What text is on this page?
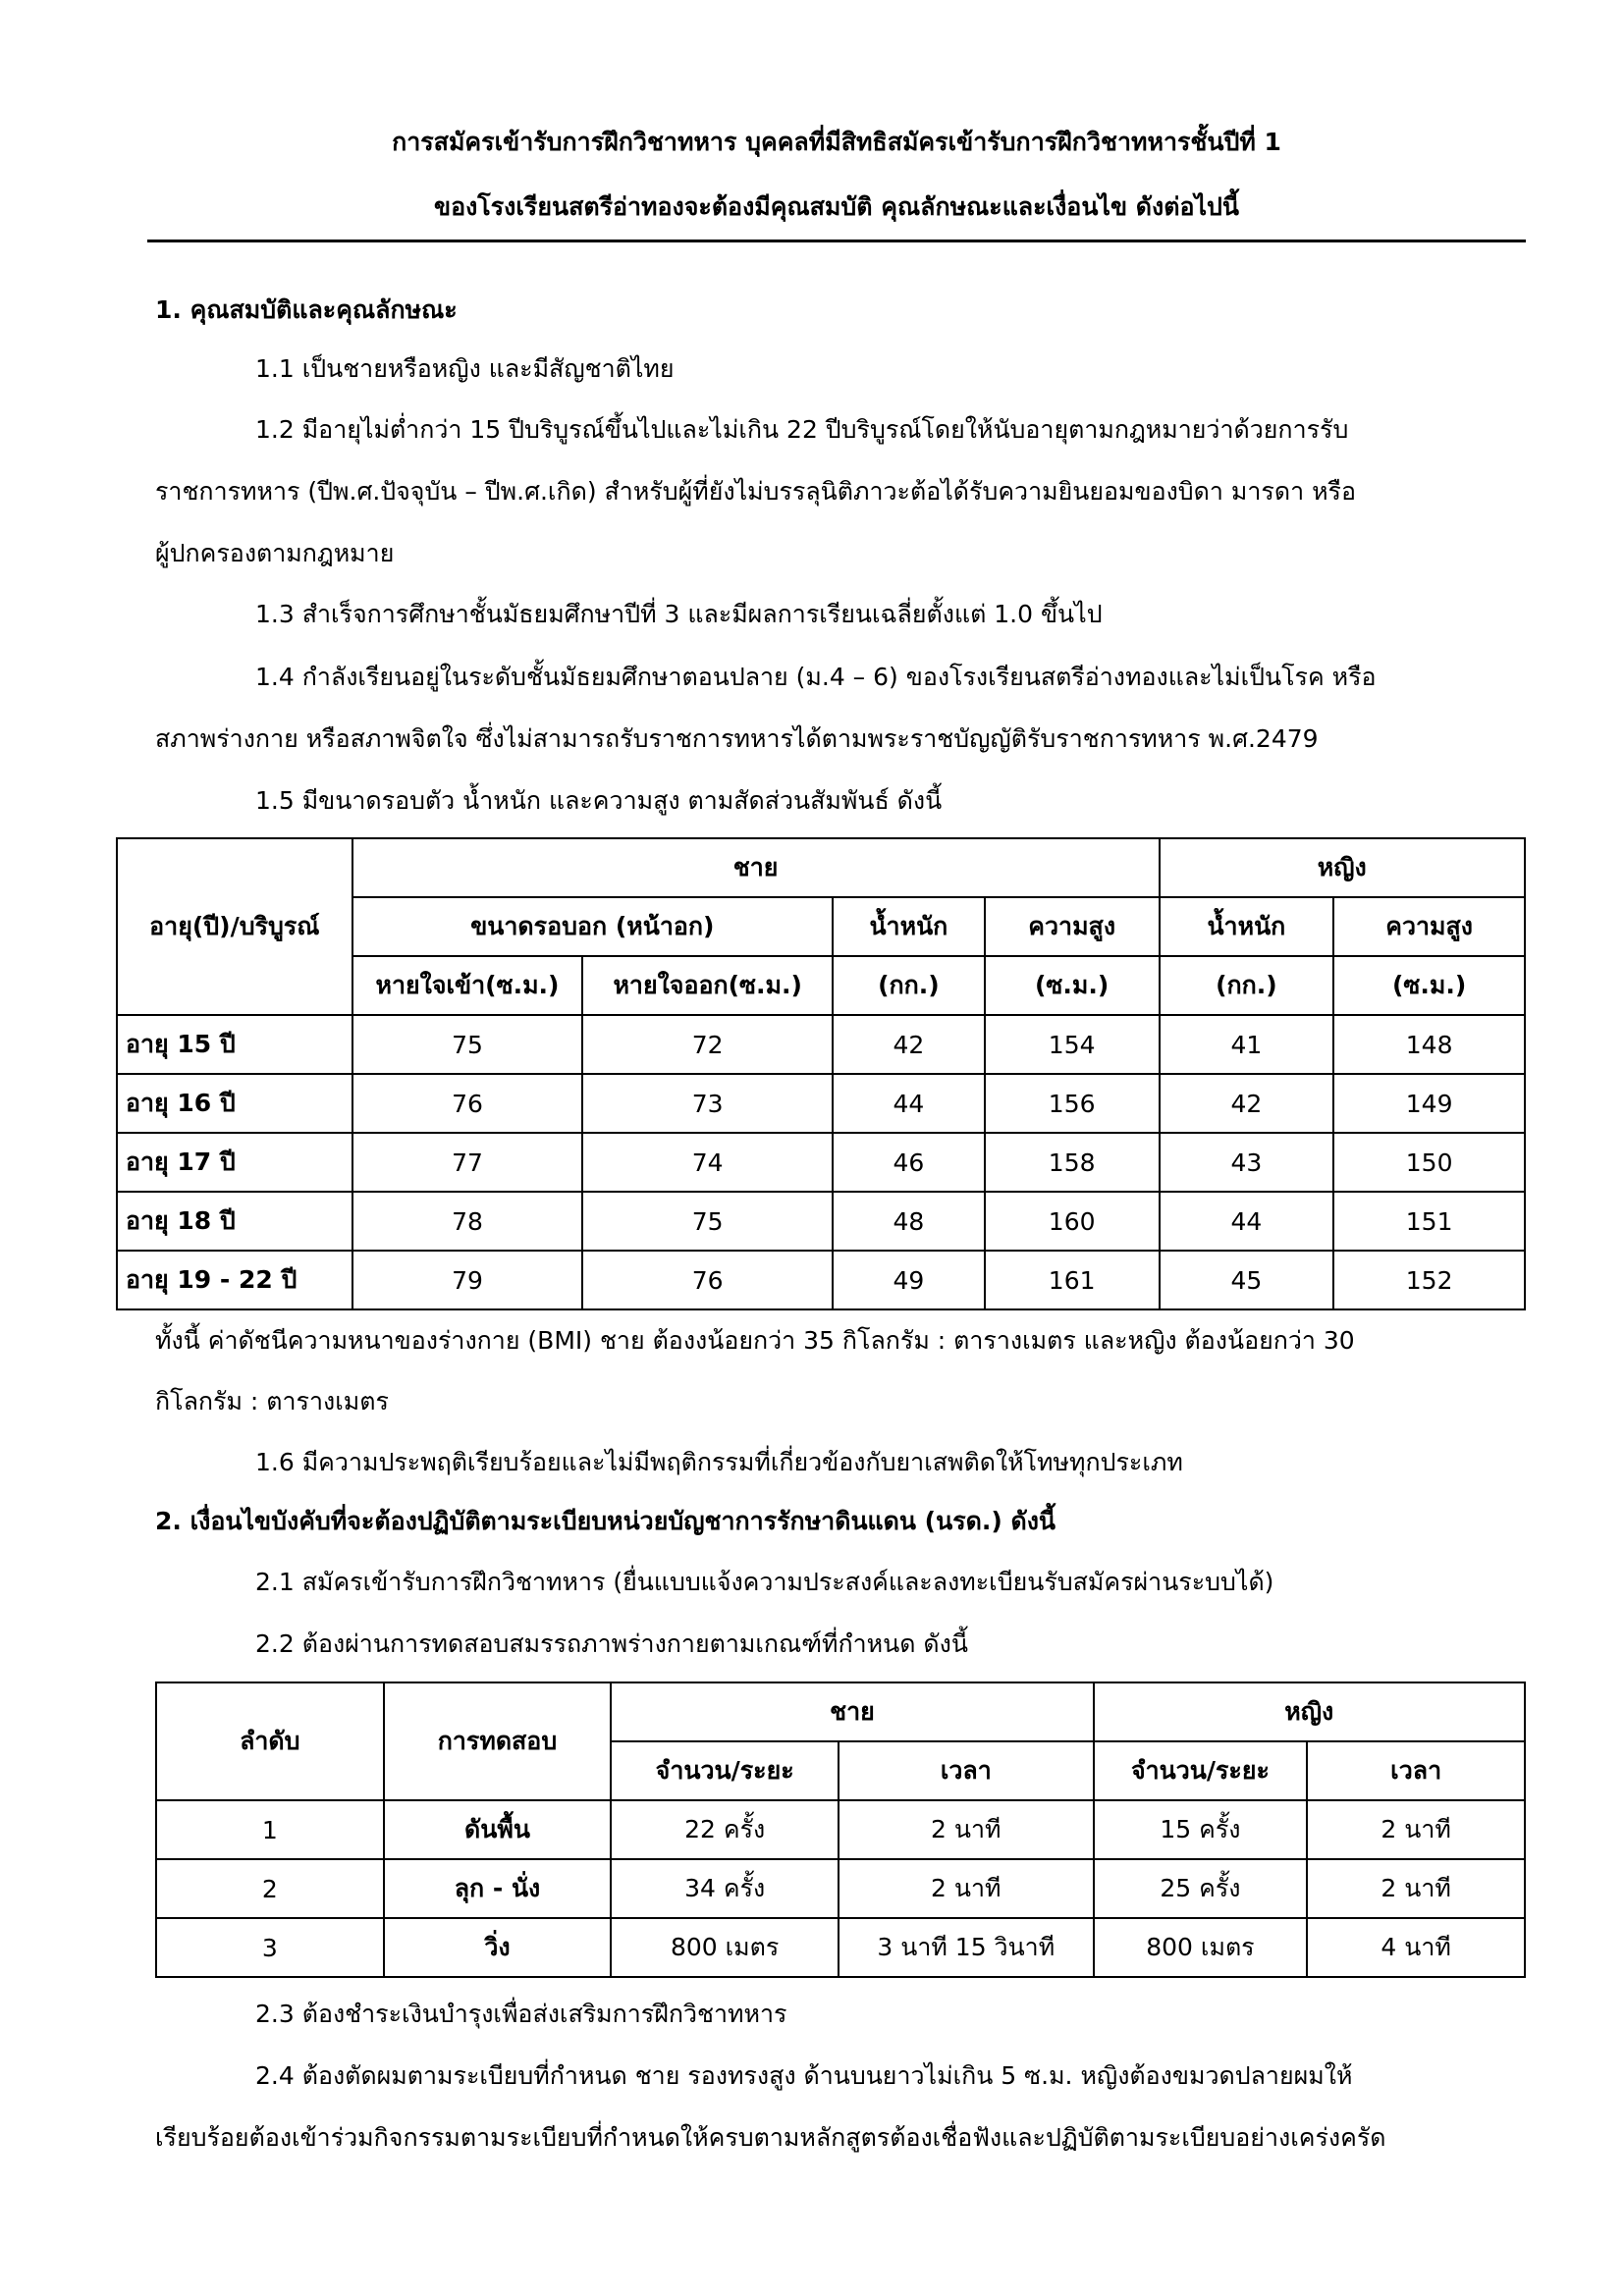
การสมัครเข้ารับการฝึกวิชาทหาร บุคคลที่มีสิทธิสมัครเข้ารับการฝึกวิชาทหารชั้นปีที่ 1
ของโรงเรียนสตรีอ่าทองจะต้องมีคุณสมบัติ คุณลักษณะและเงื่อนไข ดังต่อไปนี้
1. คุณสมบัติและคุณลักษณะ
1.1 เป็นชายหรือหญิง และมีสัญชาติไทย
1.2 มีอายุไม่ต่ำกว่า 15 ปีบริบูรณ์ขึ้นไปและไม่เกิน 22 ปีบริบูรณ์โดยให้นับอายุตามกฎหมายว่าด้วยการรับ
ราชการทหาร (ปีพ.ศ.ปัจจุบัน – ปีพ.ศ.เกิด) สำหรับผู้ที่ยังไม่บรรลุนิติภาวะต้อได้รับความยินยอมของบิดา มารดา หรือ
ผู้ปกครองตามกฎหมาย
1.3 สำเร็จการศึกษาชั้นมัธยมศึกษาปีที่ 3 และมีผลการเรียนเฉลี่ยตั้งแต่ 1.0 ขึ้นไป
1.4 กำลังเรียนอยู่ในระดับชั้นมัธยมศึกษาตอนปลาย (ม.4 – 6) ของโรงเรียนสตรีอ่างทองและไม่เป็นโรค หรือ
สภาพร่างกาย หรือสภาพจิตใจ ซึ่งไม่สามารถรับราชการทหารได้ตามพระราชบัญญัติรับราชการทหาร พ.ศ.2479
1.5 มีขนาดรอบตัว น้ำหนัก และความสูง ตามสัดส่วนสัมพันธ์ ดังนี้
อายุ(ปี)/บริบูรณ์	ชาย				หญิง	
	ขนาดรอบอก (หน้าอก)		น้ำหนัก	ความสูง	น้ำหนัก	ความสูง
	หายใจเข้า(ซ.ม.)	หายใจออก(ซ.ม.)	(กก.)	(ซ.ม.)	(กก.)	(ซ.ม.)
อายุ 15 ปี	75	72	42	154	41	148
อายุ 16 ปี	76	73	44	156	42	149
อายุ 17 ปี	77	74	46	158	43	150
อายุ 18 ปี	78	75	48	160	44	151
อายุ 19 - 22 ปี	79	76	49	161	45	152
ทั้งนี้ ค่าดัชนีความหนาของร่างกาย (BMI) ชาย ต้องงน้อยกว่า 35 กิโลกรัม : ตารางเมตร และหญิง ต้องน้อยกว่า 30
กิโลกรัม : ตารางเมตร
1.6 มีความประพฤติเรียบร้อยและไม่มีพฤติกรรมที่เกี่ยวข้องกับยาเสพติดให้โทษทุกประเภท
2. เงื่อนไขบังคับที่จะต้องปฏิบัติตามระเบียบหน่วยบัญชาการรักษาดินแดน (นรด.) ดังนี้
2.1 สมัครเข้ารับการฝึกวิชาทหาร (ยื่นแบบแจ้งความประสงค์และลงทะเบียนรับสมัครผ่านระบบได้)
2.2 ต้องผ่านการทดสอบสมรรถภาพร่างกายตามเกณฑ์ที่กำหนด ดังนี้
ลำดับ	การทดสอบ	ชาย		หญิง	
		จำนวน/ระยะ	เวลา	จำนวน/ระยะ	เวลา
1	ดันพื้น	22 ครั้ง	2 นาที	15 ครั้ง	2 นาที
2	ลุก - นั่ง	34 ครั้ง	2 นาที	25 ครั้ง	2 นาที
3	วิ่ง	800 เมตร	3 นาที 15 วินาที	800 เมตร	4 นาที
2.3 ต้องชำระเงินบำรุงเพื่อส่งเสริมการฝึกวิชาทหาร
2.4 ต้องตัดผมตามระเบียบที่กำหนด ชาย รองทรงสูง ด้านบนยาวไม่เกิน 5 ซ.ม. หญิงต้องขมวดปลายผมให้
เรียบร้อยต้องเข้าร่วมกิจกรรมตามระเบียบที่กำหนดให้ครบตามหลักสูตรต้องเชื่อฟังและปฏิบัติตามระเบียบอย่างเคร่งครัด
